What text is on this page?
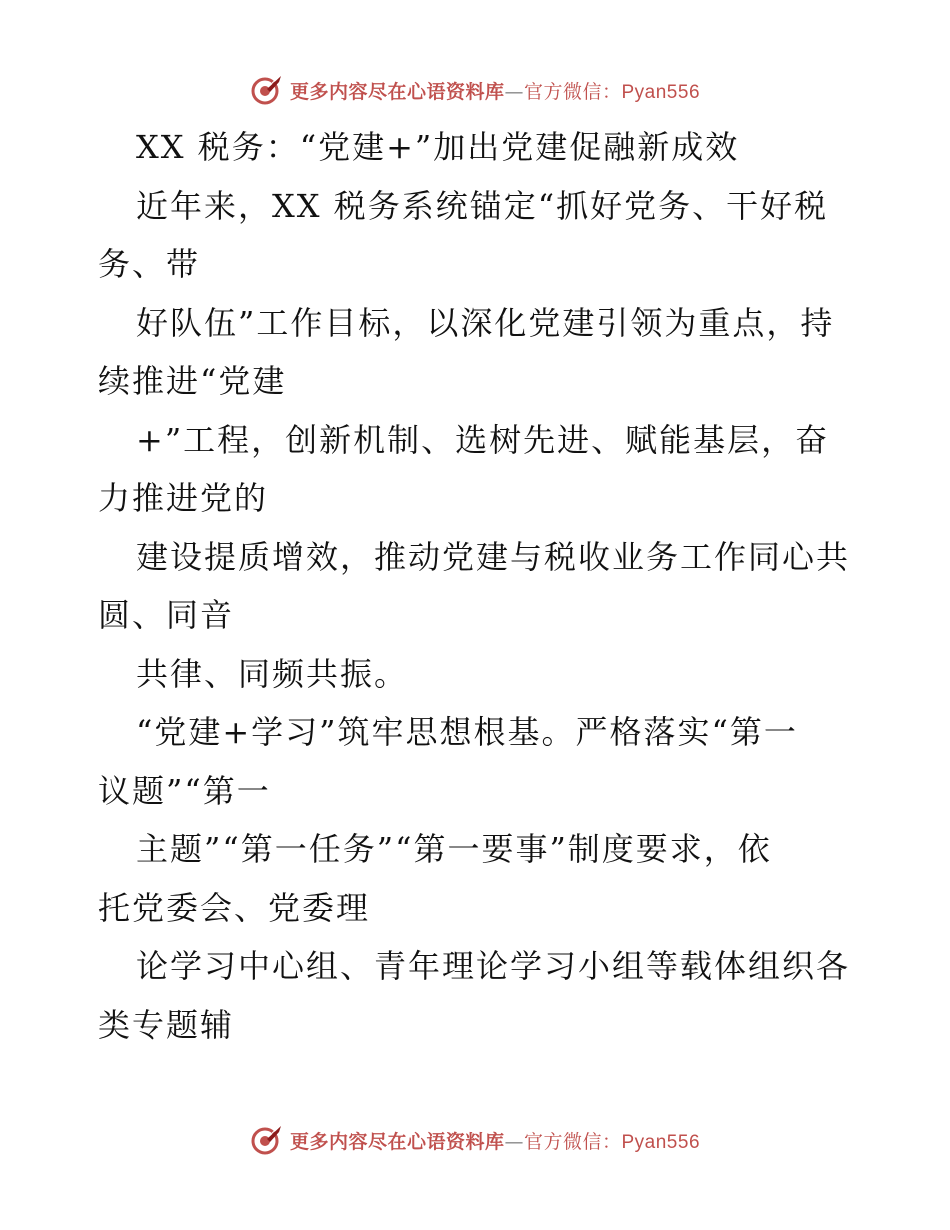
更多内容尽在心语资料库—官方微信：Pyan556
XX 税务：“党建+”加出党建促融新成效
近年来，XX 税务系统锚定“抓好党务、干好税
务、带
好队伍”工作目标，以深化党建引领为重点，持
续推进“党建
+”工程，创新机制、选树先进、赋能基层，奋
力推进党的
建设提质增效，推动党建与税收业务工作同心共
圆、同音
共律、同频共振。
“党建+学习”筑牢思想根基。严格落实“第一
议题”“第一
主题”“第一任务”“第一要事”制度要求，依
托党委会、党委理
论学习中心组、青年理论学习小组等载体组织各
类专题辅
更多内容尽在心语资料库—官方微信：Pyan556
